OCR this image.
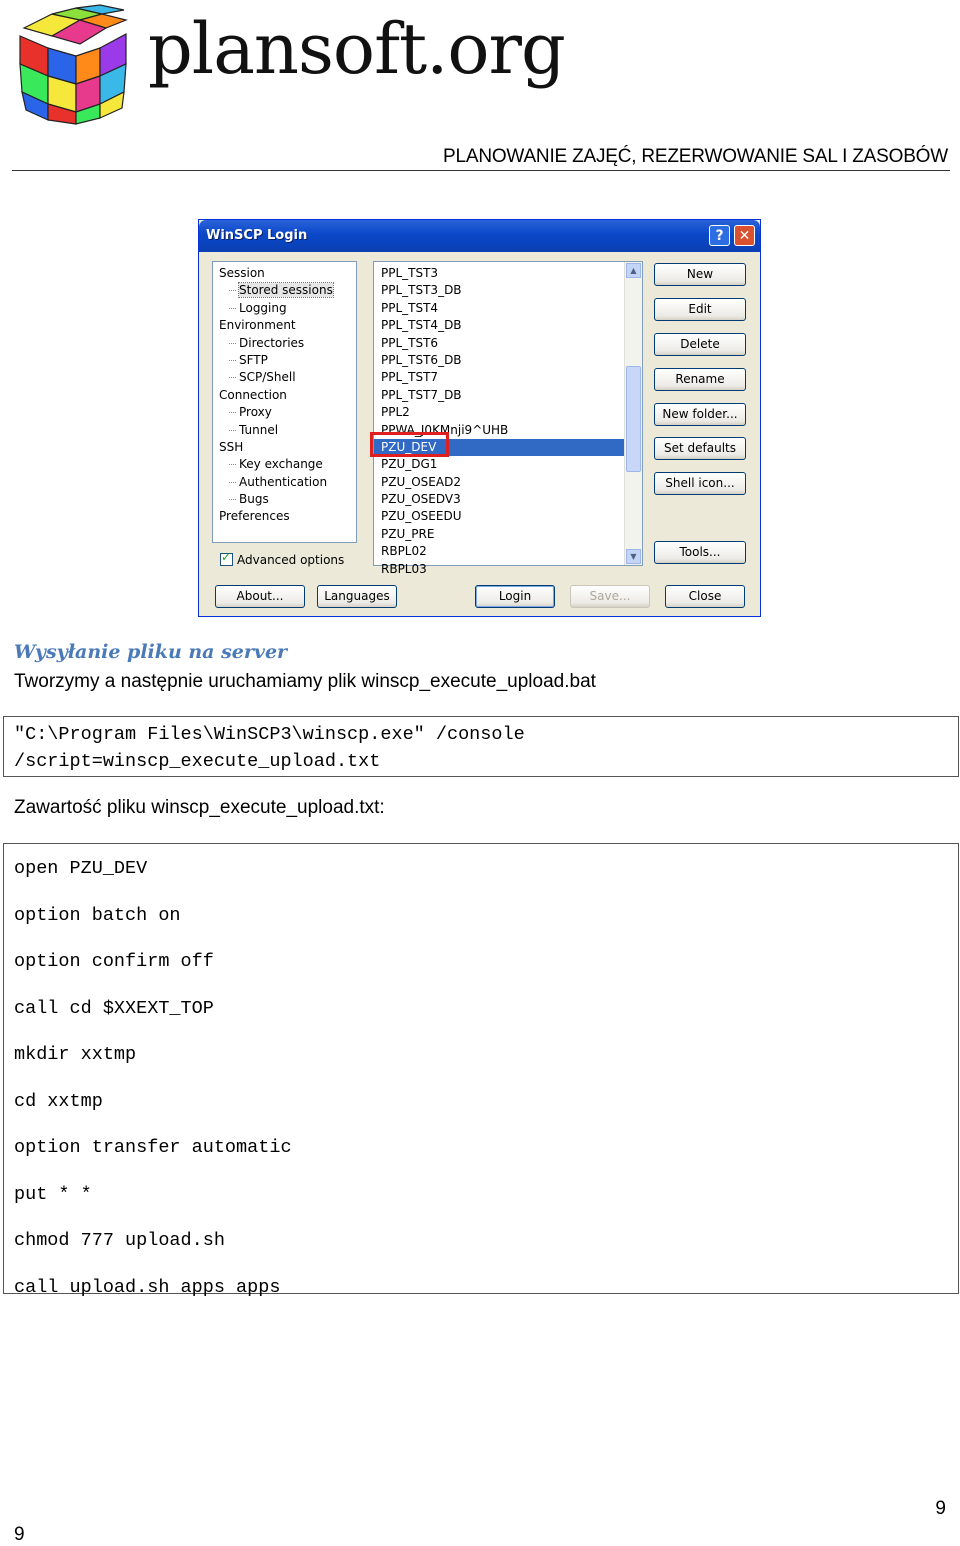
plansoft.org
PLANOWANIE ZAJĘĆ, REZERWOWANIE SAL I ZASOBÓW
WinSCP Login	?	✕
Session
Stored sessions
Logging
Environment
Directories
SFTP
SCP/Shell
Connection
Proxy
Tunnel
SSH
Key exchange
Authentication
Bugs
Preferences
✓Advanced options
PPL_TST3
PPL_TST3_DB
PPL_TST4
PPL_TST4_DB
PPL_TST6
PPL_TST6_DB
PPL_TST7
PPL_TST7_DB
PPL2
PPWA_J0KMnji9^UHB
PZU_DEV
PZU_DG1
PZU_OSEAD2
PZU_OSEDV3
PZU_OSEEDU
PZU_PRE
RBPL02
RBPL03
▲
▼
New
Edit
Delete
Rename
New folder...
Set defaults
Shell icon...
Tools...
About...	Languages	Login	Save...	Close
Wysyłanie pliku na server
Tworzymy a następnie uruchamiamy plik winscp_execute_upload.bat
"C:\Program Files\WinSCP3\winscp.exe" /console
/script=winscp_execute_upload.txt
Zawartość pliku winscp_execute_upload.txt:
open PZU_DEV
option batch on
option confirm off
call cd $XXEXT_TOP
mkdir xxtmp
cd xxtmp
option transfer automatic
put * *
chmod 777 upload.sh
call upload.sh apps apps
9
9
